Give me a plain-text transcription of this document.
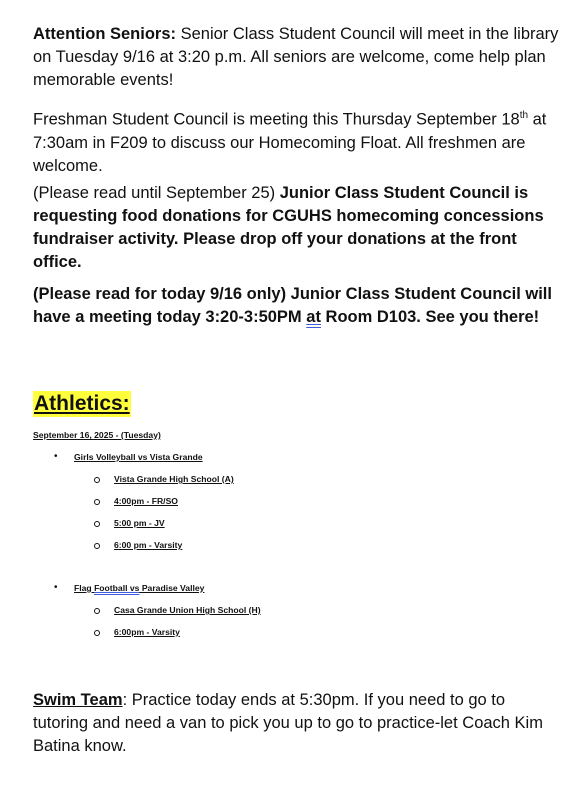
Attention Seniors: Senior Class Student Council will meet in the library on Tuesday 9/16 at 3:20 p.m. All seniors are welcome, come help plan memorable events!

Freshman Student Council is meeting this Thursday September 18th at 7:30am in F209 to discuss our Homecoming Float. All freshmen are welcome.

(Please read until September 25) Junior Class Student Council is requesting food donations for CGUHS homecoming concessions fundraiser activity. Please drop off your donations at the front office.

(Please read for today 9/16 only) Junior Class Student Council will have a meeting today 3:20-3:50PM at Room D103. See you there!

Athletics:

September 16, 2025 - (Tuesday)

• Girls Volleyball vs Vista Grande

Vista Grande High School (A)

4:00pm - FR/SO

5:00 pm - JV

6:00 pm - Varsity

• Flag Football vs Paradise Valley

Casa Grande Union High School (H)

6:00pm - Varsity

Swim Team: Practice today ends at 5:30pm. If you need to go to tutoring and need a van to pick you up to go to practice-let Coach Kim Batina know.
